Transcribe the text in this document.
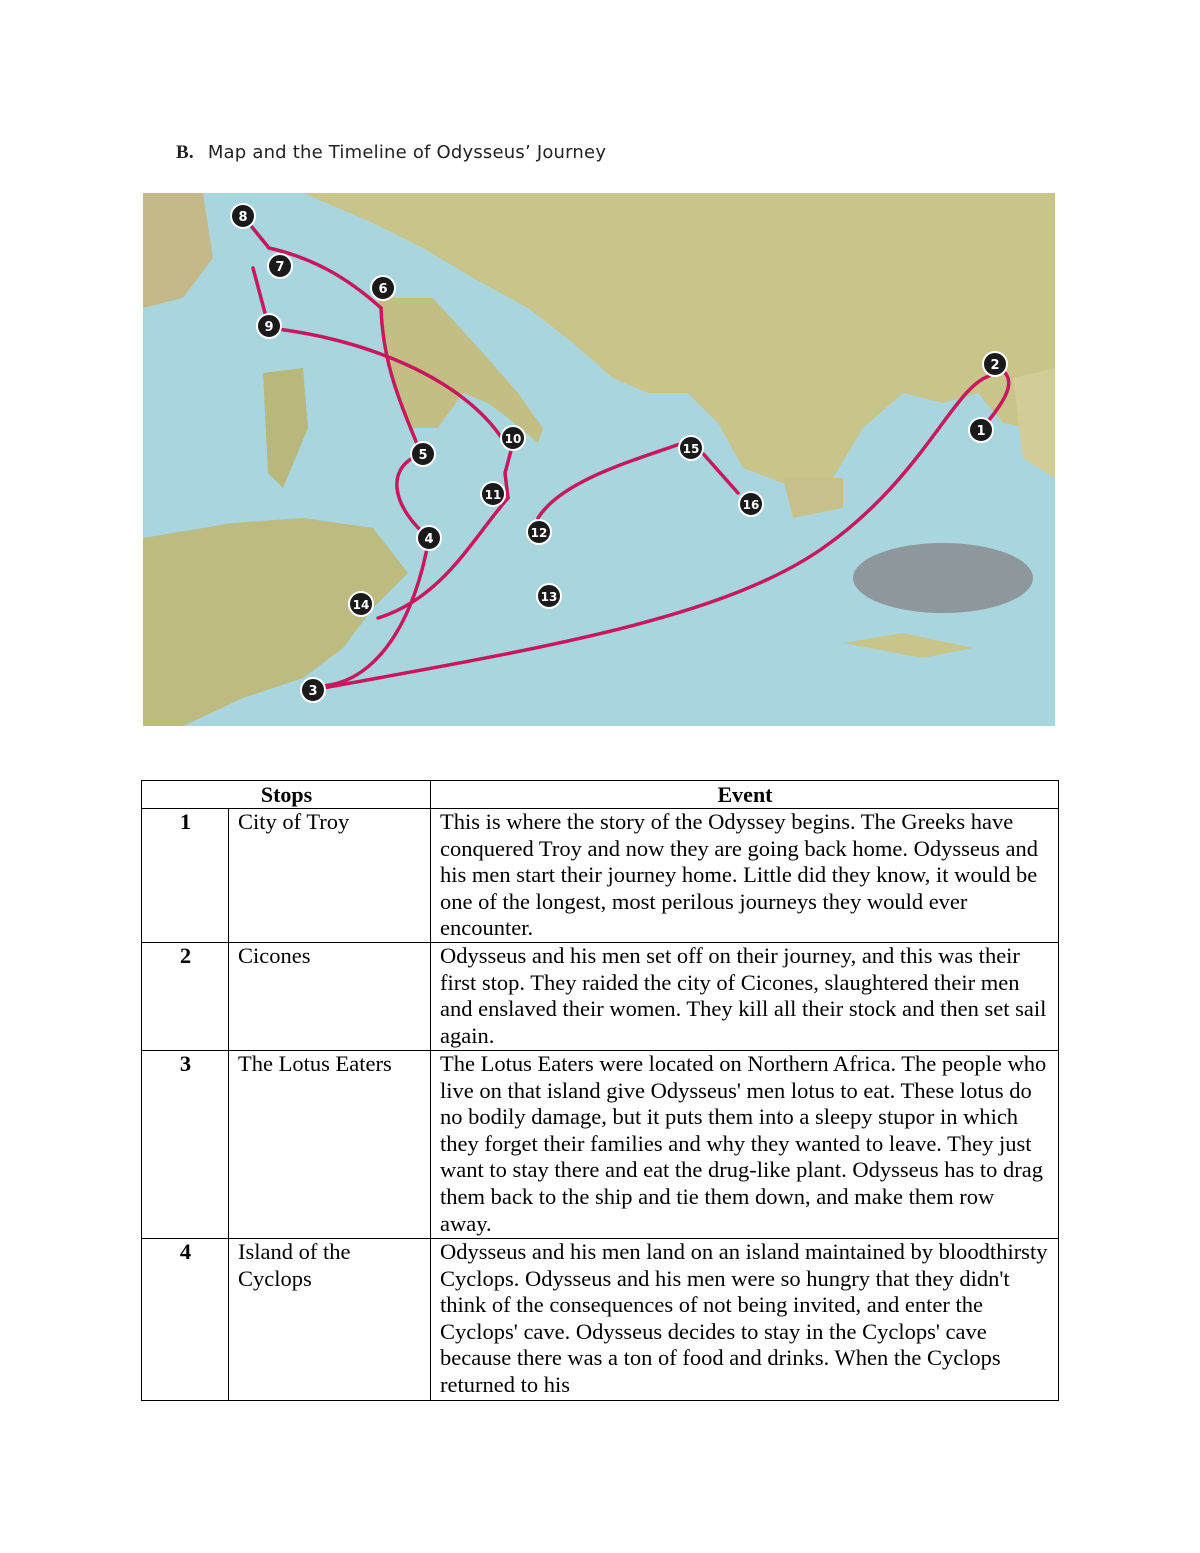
B. Map and the Timeline of Odysseus’ Journey
1
2
3
4
5
6
7
8
9
10
11
12
13
14
15
16
Stops		Event
1	City of Troy	This is where the story of the Odyssey begins. The Greeks have conquered Troy and now they are going back home. Odysseus and his men start their journey home. Little did they know, it would be one of the longest, most perilous journeys they would ever encounter.
2	Cicones	Odysseus and his men set off on their journey, and this was their first stop. They raided the city of Cicones, slaughtered their men and enslaved their women. They kill all their stock and then set sail again.
3	The Lotus Eaters	The Lotus Eaters were located on Northern Africa. The people who live on that island give Odysseus' men lotus to eat. These lotus do no bodily damage, but it puts them into a sleepy stupor in which they forget their families and why they wanted to leave. They just want to stay there and eat the drug-like plant. Odysseus has to drag them back to the ship and tie them down, and make them row away.
4	Island of the Cyclops	Odysseus and his men land on an island maintained by bloodthirsty Cyclops. Odysseus and his men were so hungry that they didn't think of the consequences of not being invited, and enter the Cyclops' cave. Odysseus decides to stay in the Cyclops' cave because there was a ton of food and drinks. When the Cyclops returned to his
